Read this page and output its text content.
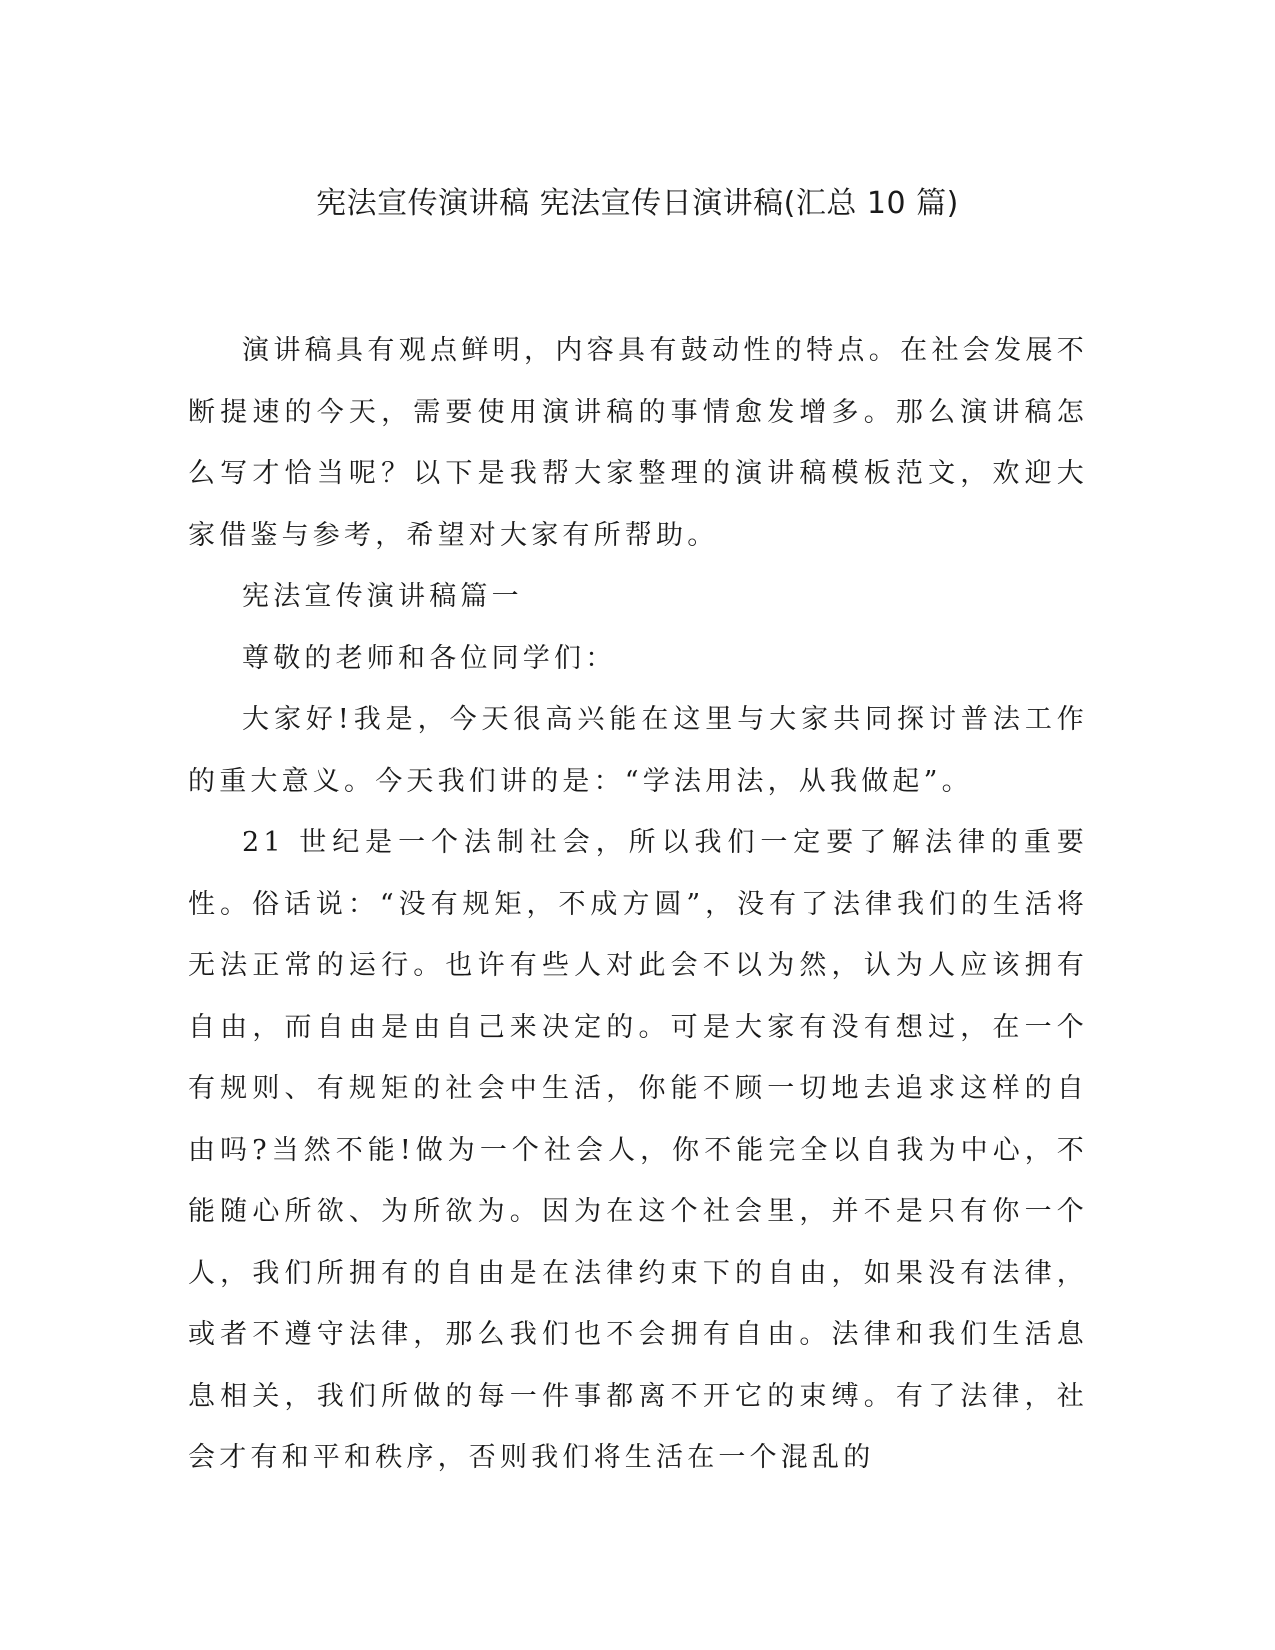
宪法宣传演讲稿 宪法宣传日演讲稿(汇总 10 篇)

演讲稿具有观点鲜明，内容具有鼓动性的特点。在社会发展不断提速的今天，需要使用演讲稿的事情愈发增多。那么演讲稿怎么写才恰当呢？以下是我帮大家整理的演讲稿模板范文，欢迎大家借鉴与参考，希望对大家有所帮助。

宪法宣传演讲稿篇一

尊敬的老师和各位同学们：

大家好!我是，今天很高兴能在这里与大家共同探讨普法工作的重大意义。今天我们讲的是：“学法用法，从我做起”。

21 世纪是一个法制社会，所以我们一定要了解法律的重要性。俗话说：“没有规矩，不成方圆”，没有了法律我们的生活将无法正常的运行。也许有些人对此会不以为然，认为人应该拥有自由，而自由是由自己来决定的。可是大家有没有想过，在一个有规则、有规矩的社会中生活，你能不顾一切地去追求这样的自由吗?当然不能!做为一个社会人，你不能完全以自我为中心，不能随心所欲、为所欲为。因为在这个社会里，并不是只有你一个人，我们所拥有的自由是在法律约束下的自由，如果没有法律，或者不遵守法律，那么我们也不会拥有自由。法律和我们生活息息相关，我们所做的每一件事都离不开它的束缚。有了法律，社会才有和平和秩序，否则我们将生活在一个混乱的
